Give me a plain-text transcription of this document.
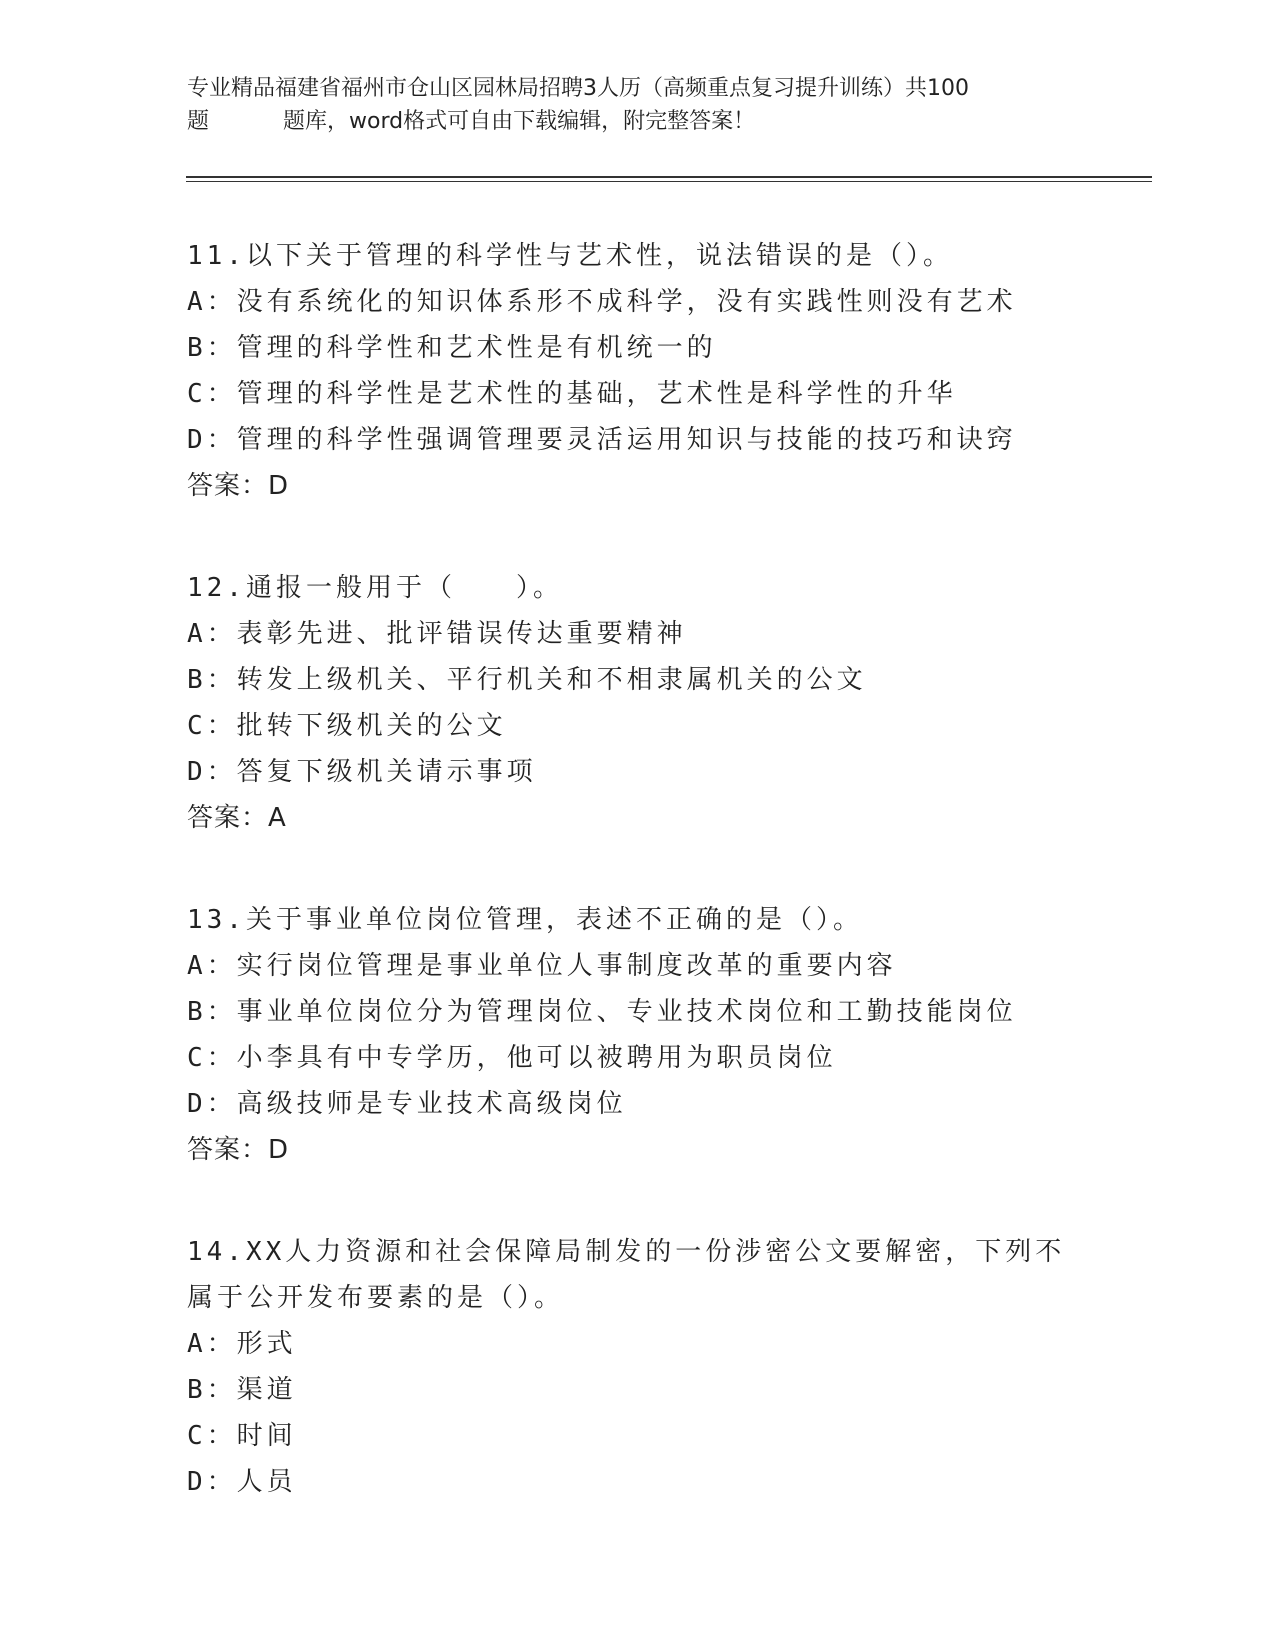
专业精品福建省福州市仓山区园林局招聘3人历（高频重点复习提升训练）共100
题	题库，word格式可自由下载编辑，附完整答案！
11.以下关于管理的科学性与艺术性，说法错误的是（）。
A：没有系统化的知识体系形不成科学，没有实践性则没有艺术
B：管理的科学性和艺术性是有机统一的
C：管理的科学性是艺术性的基础，艺术性是科学性的升华
D：管理的科学性强调管理要灵活运用知识与技能的技巧和诀窍
答案：D
12.通报一般用于（　　）。
A：表彰先进、批评错误传达重要精神
B：转发上级机关、平行机关和不相隶属机关的公文
C：批转下级机关的公文
D：答复下级机关请示事项
答案：A
13.关于事业单位岗位管理，表述不正确的是（）。
A：实行岗位管理是事业单位人事制度改革的重要内容
B：事业单位岗位分为管理岗位、专业技术岗位和工勤技能岗位
C：小李具有中专学历，他可以被聘用为职员岗位
D：高级技师是专业技术高级岗位
答案：D
14.XX人力资源和社会保障局制发的一份涉密公文要解密，下列不属于公开发布要素的是（）。
A：形式
B：渠道
C：时间
D：人员
